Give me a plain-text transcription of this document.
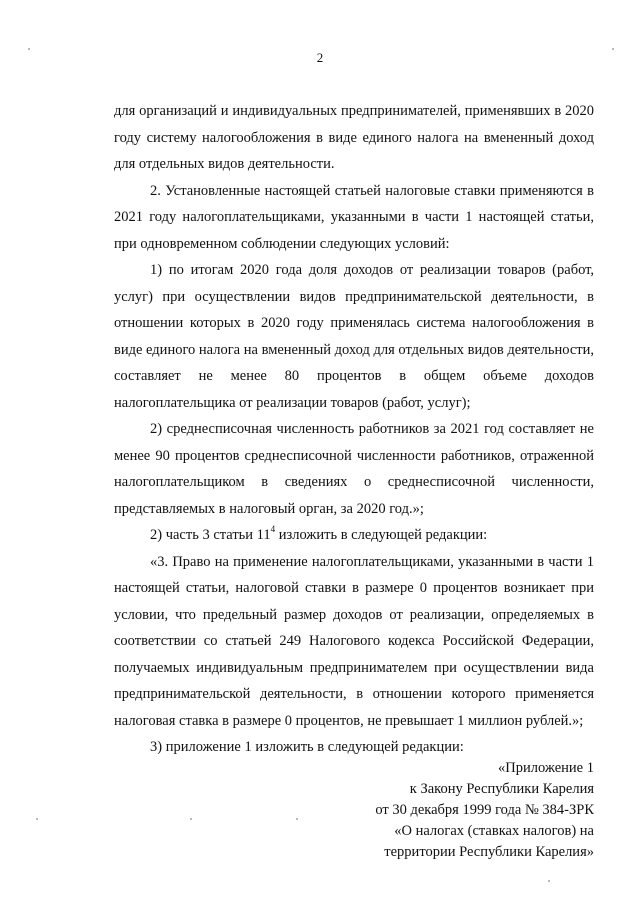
2

для организаций и индивидуальных предпринимателей, применявших в 2020 году систему налогообложения в виде единого налога на вмененный доход для отдельных видов деятельности.

2. Установленные настоящей статьей налоговые ставки применяются в 2021 году налогоплательщиками, указанными в части 1 настоящей статьи, при одновременном соблюдении следующих условий:

1) по итогам 2020 года доля доходов от реализации товаров (работ, услуг) при осуществлении видов предпринимательской деятельности, в отношении которых в 2020 году применялась система налогообложения в виде единого налога на вмененный доход для отдельных видов деятельности, составляет не менее 80 процентов в общем объеме доходов налогоплательщика от реализации товаров (работ, услуг);

2) среднесписочная численность работников за 2021 год составляет не менее 90 процентов среднесписочной численности работников, отраженной налогоплательщиком в сведениях о среднесписочной численности, представляемых в налоговый орган, за 2020 год.»;

2) часть 3 статьи $11^4$ изложить в следующей редакции:

«3. Право на применение налогоплательщиками, указанными в части 1 настоящей статьи, налоговой ставки в размере 0 процентов возникает при условии, что предельный размер доходов от реализации, определяемых в соответствии со статьей 249 Налогового кодекса Российской Федерации, получаемых индивидуальным предпринимателем при осуществлении вида предпринимательской деятельности, в отношении которого применяется налоговая ставка в размере 0 процентов, не превышает 1 миллион рублей.»;

3) приложение 1 изложить в следующей редакции:

«Приложение 1
к Закону Республики Карелия
от 30 декабря 1999 года № 384-ЗРК
«О налогах (ставках налогов) на
территории Республики Карелия»
